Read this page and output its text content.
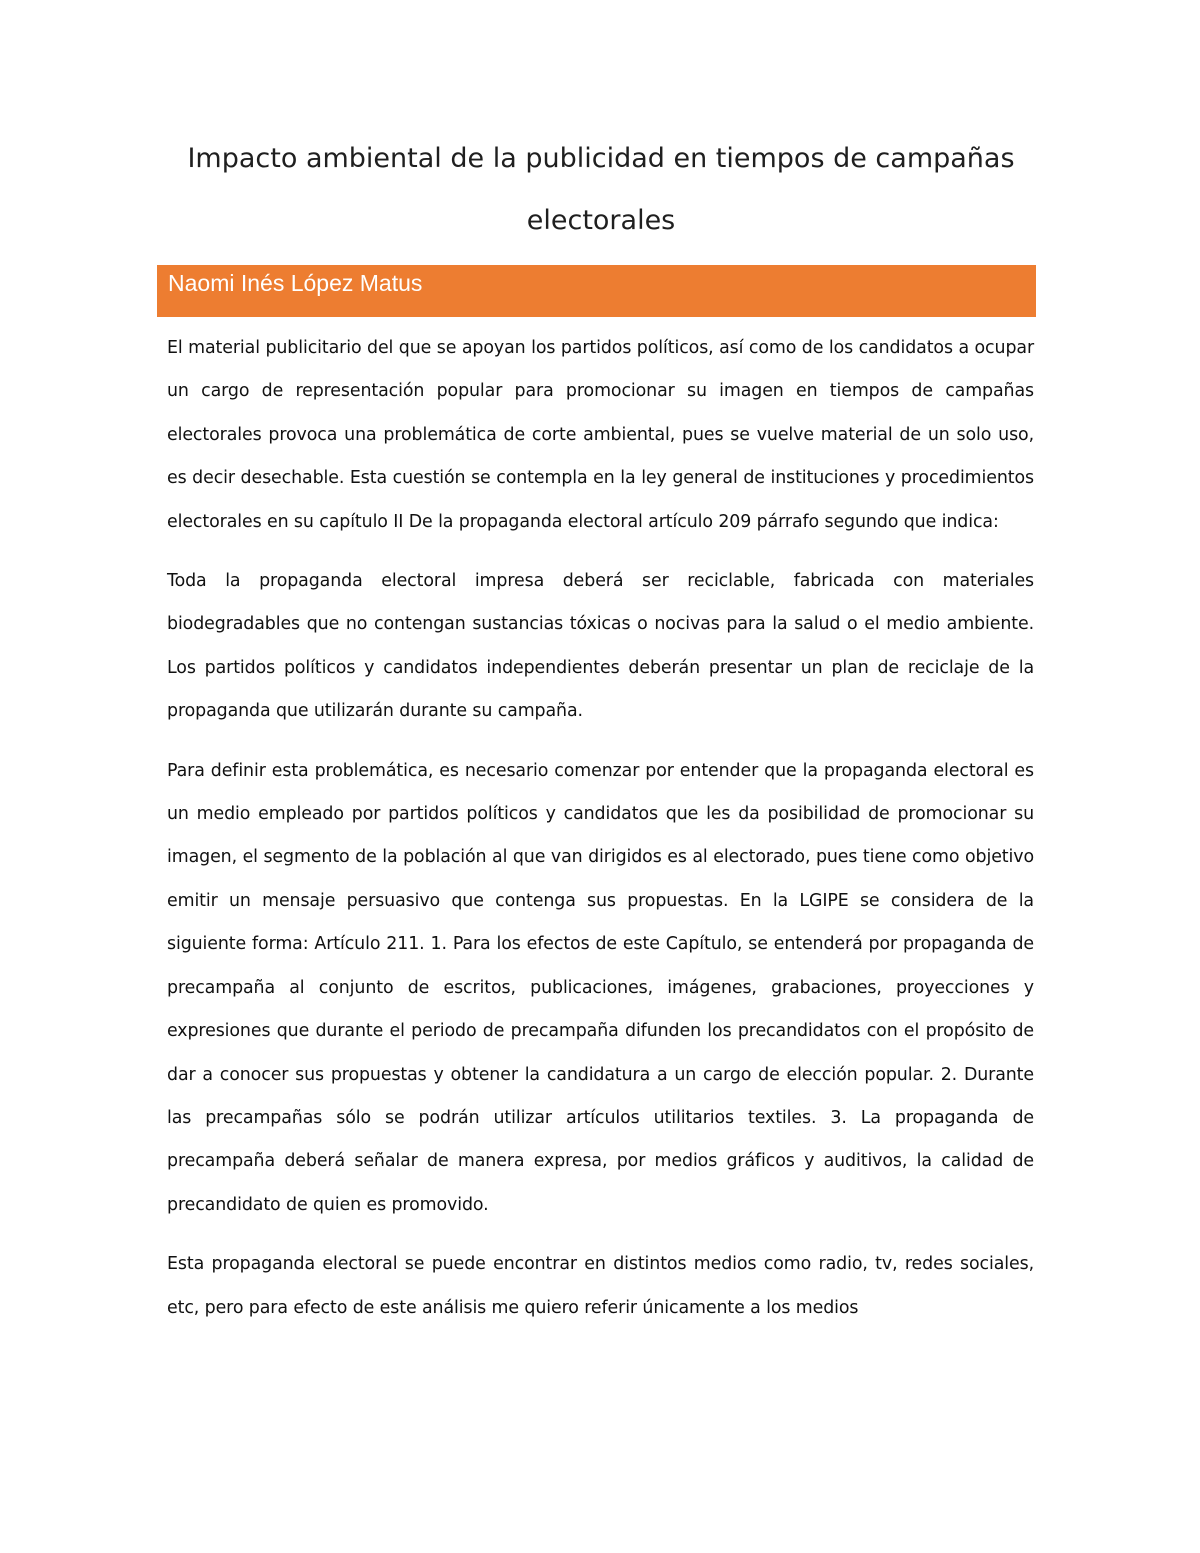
Impacto ambiental de la publicidad en tiempos de campañas electorales
Naomi Inés López Matus

El material publicitario del que se apoyan los partidos políticos, así como de los candidatos a ocupar un cargo de representación popular para promocionar su imagen en tiempos de campañas electorales provoca una problemática de corte ambiental, pues se vuelve material de un solo uso, es decir desechable. Esta cuestión se contempla en la ley general de instituciones y procedimientos electorales en su capítulo II De la propaganda electoral artículo 209 párrafo segundo que indica:

Toda la propaganda electoral impresa deberá ser reciclable, fabricada con materiales biodegradables que no contengan sustancias tóxicas o nocivas para la salud o el medio ambiente. Los partidos políticos y candidatos independientes deberán presentar un plan de reciclaje de la propaganda que utilizarán durante su campaña.

Para definir esta problemática, es necesario comenzar por entender que la propaganda electoral es un medio empleado por partidos políticos y candidatos que les da posibilidad de promocionar su imagen, el segmento de la población al que van dirigidos es al electorado, pues tiene como objetivo emitir un mensaje persuasivo que contenga sus propuestas. En la LGIPE se considera de la siguiente forma: Artículo 211. 1. Para los efectos de este Capítulo, se entenderá por propaganda de precampaña al conjunto de escritos, publicaciones, imágenes, grabaciones, proyecciones y expresiones que durante el periodo de precampaña difunden los precandidatos con el propósito de dar a conocer sus propuestas y obtener la candidatura a un cargo de elección popular. 2. Durante las precampañas sólo se podrán utilizar artículos utilitarios textiles. 3. La propaganda de precampaña deberá señalar de manera expresa, por medios gráficos y auditivos, la calidad de precandidato de quien es promovido.

Esta propaganda electoral se puede encontrar en distintos medios como radio, tv, redes sociales, etc, pero para efecto de este análisis me quiero referir únicamente a los medios
